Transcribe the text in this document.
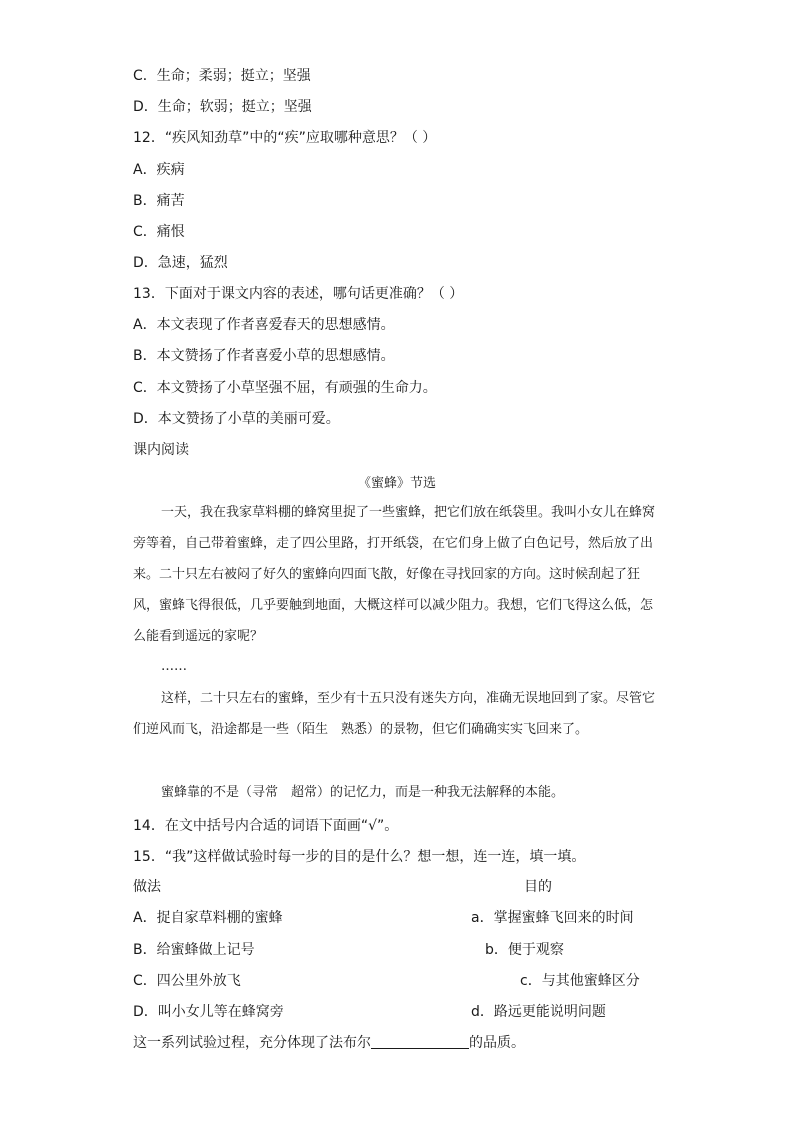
C．生命；柔弱；挺立；坚强
D．生命；软弱；挺立；坚强
12．“疾风知劲草”中的“疾”应取哪种意思？（ ）
A．疾病
B．痛苦
C．痛恨
D．急速，猛烈
13．下面对于课文内容的表述，哪句话更准确？（ ）
A．本文表现了作者喜爱春天的思想感情。
B．本文赞扬了作者喜爱小草的思想感情。
C．本文赞扬了小草坚强不屈，有顽强的生命力。
D．本文赞扬了小草的美丽可爱。
课内阅读
《蜜蜂》节选

一天，我在我家草料棚的蜂窝里捉了一些蜜蜂，把它们放在纸袋里。我叫小女儿在蜂窝旁等着，自己带着蜜蜂，走了四公里路，打开纸袋，在它们身上做了白色记号，然后放了出来。二十只左右被闷了好久的蜜蜂向四面飞散，好像在寻找回家的方向。这时候刮起了狂风，蜜蜂飞得很低，几乎要触到地面，大概这样可以减少阻力。我想，它们飞得这么低，怎么能看到遥远的家呢？

……

这样，二十只左右的蜜蜂，至少有十五只没有迷失方向，准确无误地回到了家。尽管它们逆风而飞，沿途都是一些（陌生　熟悉）的景物，但它们确确实实飞回来了。

蜜蜂靠的不是（寻常　超常）的记忆力，而是一种我无法解释的本能。

14．在文中括号内合适的词语下面画“√”。
15．“我”这样做试验时每一步的目的是什么？想一想，连一连，填一填。
做法	目的
A．捉自家草料棚的蜜蜂	a．掌握蜜蜂飞回来的时间
B．给蜜蜂做上记号	b．便于观察
C．四公里外放飞	c．与其他蜜蜂区分
D．叫小女儿等在蜂窝旁	d．路远更能说明问题
这一系列试验过程，充分体现了法布尔	的品质。
